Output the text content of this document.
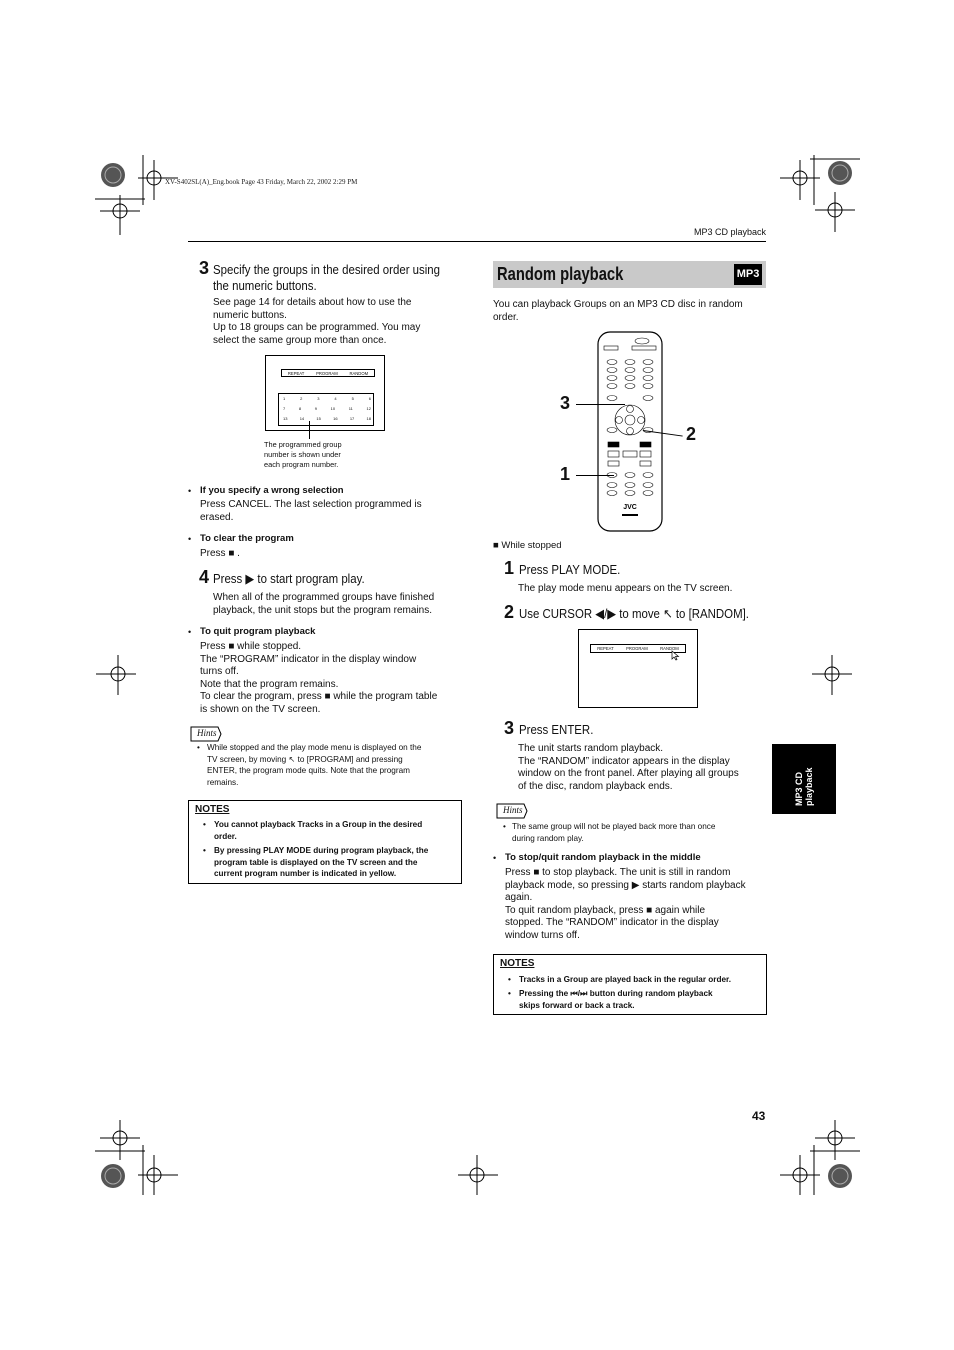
XV-S402SL(A)_Eng.book Page 43 Friday, March 22, 2002 2:29 PM
MP3 CD playback
3 Specify the groups in the desired order using
the numeric buttons.
See page 14 for details about how to use the
numeric buttons.
Up to 18 groups can be programmed. You may
select the same group more than once.
REPEAT	PROGRAM	RANDOM
1	2	3	4	5	6
7	8	9	10	11	12
13	14	15	16	17	18
The programmed group
number is shown under
each program number.
• If you specify a wrong selection
Press CANCEL. The last selection programmed is
erased.
• To clear the program
Press ■ .
4 Press ▶ to start program play.
When all of the programmed groups have finished
playback, the unit stops but the program remains.
• To quit program playback
Press ■ while stopped.
The “PROGRAM” indicator in the display window
turns off.
Note that the program remains.
To clear the program, press ■ while the program table
is shown on the TV screen.
Hints
• While stopped and the play mode menu is displayed on the
TV screen, by moving ↖ to [PROGRAM] and pressing
ENTER, the program mode quits. Note that the program
remains.
NOTES
• You cannot playback Tracks in a Group in the desired
order.
• By pressing PLAY MODE during program playback, the
program table is displayed on the TV screen and the
current program number is indicated in yellow.
Random playback	MP3
You can playback Groups on an MP3 CD disc in random
order.
JVC
3
2
1
■ While stopped
1 Press PLAY MODE.
The play mode menu appears on the TV screen.
2 Use CURSOR ◀/▶ to move ↖ to [RANDOM].
REPEAT	PROGRAM	RANDOM
3 Press ENTER.
The unit starts random playback.
The “RANDOM” indicator appears in the display
window on the front panel. After playing all groups
of the disc, random playback ends.
Hints
• The same group will not be played back more than once
during random play.
• To stop/quit random playback in the middle
Press ■ to stop playback. The unit is still in random
playback mode, so pressing ▶ starts random playback
again.
To quit random playback, press ■ again while
stopped. The “RANDOM” indicator in the display
window turns off.
NOTES
• Tracks in a Group are played back in the regular order.
• Pressing the ⏮/⏭ button during random playback
skips forward or back a track.
MP3 CD playback
43
